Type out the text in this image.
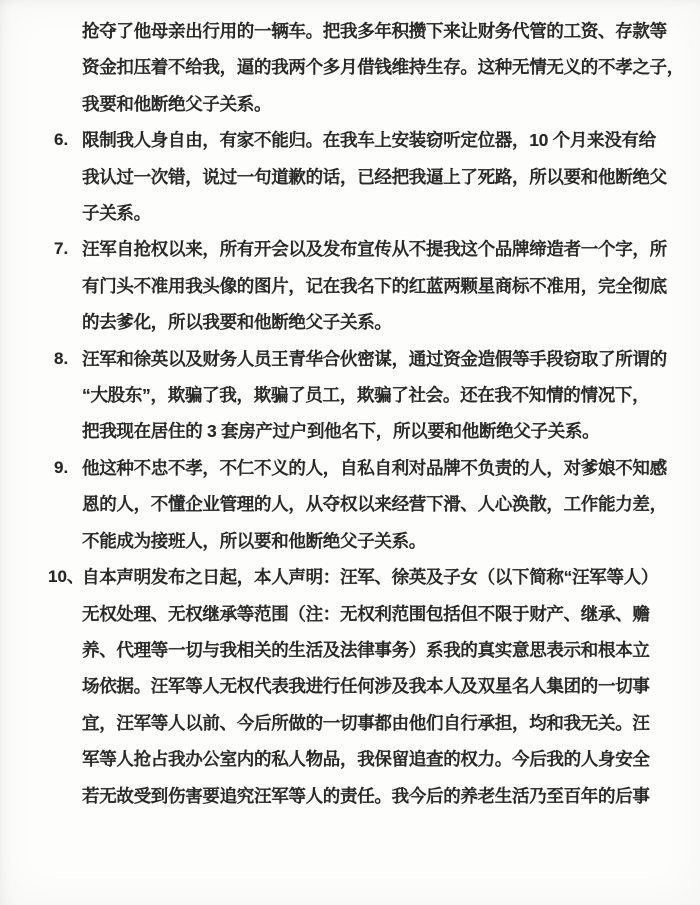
抢夺了他母亲出行用的一辆车。把我多年积攒下来让财务代管的工资、存款等
资金扣压着不给我，逼的我两个多月借钱维持生存。这种无情无义的不孝之子，
我要和他断绝父子关系。
6. 限制我人身自由，有家不能归。在我车上安装窃听定位器，10 个月来没有给
我认过一次错，说过一句道歉的话，已经把我逼上了死路，所以要和他断绝父
子关系。
7. 汪军自抢权以来，所有开会以及发布宣传从不提我这个品牌缔造者一个字，所
有门头不准用我头像的图片，记在我名下的红蓝两颗星商标不准用，完全彻底
的去爹化，所以我要和他断绝父子关系。
8. 汪军和徐英以及财务人员王青华合伙密谋，通过资金造假等手段窃取了所谓的
“大股东”，欺骗了我，欺骗了员工，欺骗了社会。还在我不知情的情况下，
把我现在居住的 3 套房产过户到他名下，所以要和他断绝父子关系。
9. 他这种不忠不孝，不仁不义的人，自私自利对品牌不负责的人，对爹娘不知感
恩的人，不懂企业管理的人，从夺权以来经营下滑、人心涣散，工作能力差，
不能成为接班人，所以要和他断绝父子关系。
10、
自本声明发布之日起，本人声明：汪军、徐英及子女（以下简称“汪军等人）
无权处理、无权继承等范围（注：无权利范围包括但不限于财产、继承、赡
养、代理等一切与我相关的生活及法律事务）系我的真实意思表示和根本立
场依据。汪军等人无权代表我进行任何涉及我本人及双星名人集团的一切事
宜，汪军等人以前、今后所做的一切事都由他们自行承担，均和我无关。汪
军等人抢占我办公室内的私人物品，我保留追查的权力。今后我的人身安全
若无故受到伤害要追究汪军等人的责任。我今后的养老生活乃至百年的后事
